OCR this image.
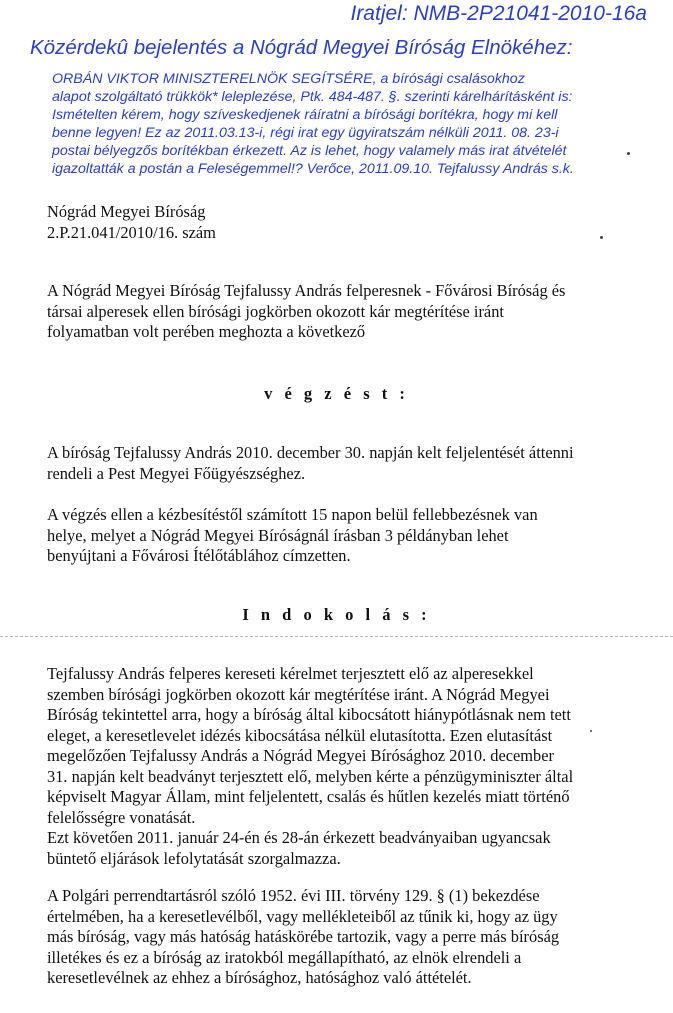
Iratjel: NMB-2P21041-2010-16a
Közérdekû bejelentés a Nógrád Megyei Bíróság Elnökéhez:
ORBÁN VIKTOR MINISZTERELNÖK SEGÍTSÉRE, a bírósági csalásokhoz
alapot szolgáltató trükkök* leleplezése, Ptk. 484-487. §. szerinti kárelhárításként is:
Ismételten kérem, hogy szíveskedjenek ráíratni a bírósági borítékra, hogy mi kell
benne legyen! Ez az 2011.03.13-i, régi irat egy ügyiratszám nélküli 2011. 08. 23-i
postai bélyegzős borítékban érkezett. Az is lehet, hogy valamely más irat átvételét
igazoltatták a postán a Feleségemmel!? Verőce, 2011.09.10. Tejfalussy András s.k.
Nógrád Megyei Bíróság
2.P.21.041/2010/16. szám
A Nógrád Megyei Bíróság Tejfalussy András felperesnek - Fővárosi Bíróság és
társai alperesek ellen bírósági jogkörben okozott kár megtérítése iránt
folyamatban volt perében meghozta a következő
v é g z é s t :
A bíróság Tejfalussy András 2010. december 30. napján kelt feljelentését áttenni
rendeli a Pest Megyei Főügyészséghez.
A végzés ellen a kézbesítéstől számított 15 napon belül fellebbezésnek van
helye, melyet a Nógrád Megyei Bíróságnál írásban 3 példányban lehet
benyújtani a Fővárosi Ítélőtáblához címzetten.
I n d o k o l á s :
Tejfalussy András felperes kereseti kérelmet terjesztett elő az alperesekkel
szemben bírósági jogkörben okozott kár megtérítése iránt. A Nógrád Megyei
Bíróság tekintettel arra, hogy a bíróság által kibocsátott hiánypótlásnak nem tett
eleget, a keresetlevelet idézés kibocsátása nélkül elutasította. Ezen elutasítást
megelőzően Tejfalussy András a Nógrád Megyei Bírósághoz 2010. december
31. napján kelt beadványt terjesztett elő, melyben kérte a pénzügyminiszter által
képviselt Magyar Állam, mint feljelentett, csalás és hűtlen kezelés miatt történő
felelősségre vonatását.
Ezt követően 2011. január 24-én és 28-án érkezett beadványaiban ugyancsak
büntető eljárások lefolytatását szorgalmazza.
A Polgári perrendtartásról szóló 1952. évi III. törvény 129. § (1) bekezdése
értelmében, ha a keresetlevélből, vagy mellékleteiből az tűnik ki, hogy az ügy
más bíróság, vagy más hatóság hatáskörébe tartozik, vagy a perre más bíróság
illetékes és ez a bíróság az iratokból megállapítható, az elnök elrendeli a
keresetlevélnek az ehhez a bírósághoz, hatósághoz való áttételét.
